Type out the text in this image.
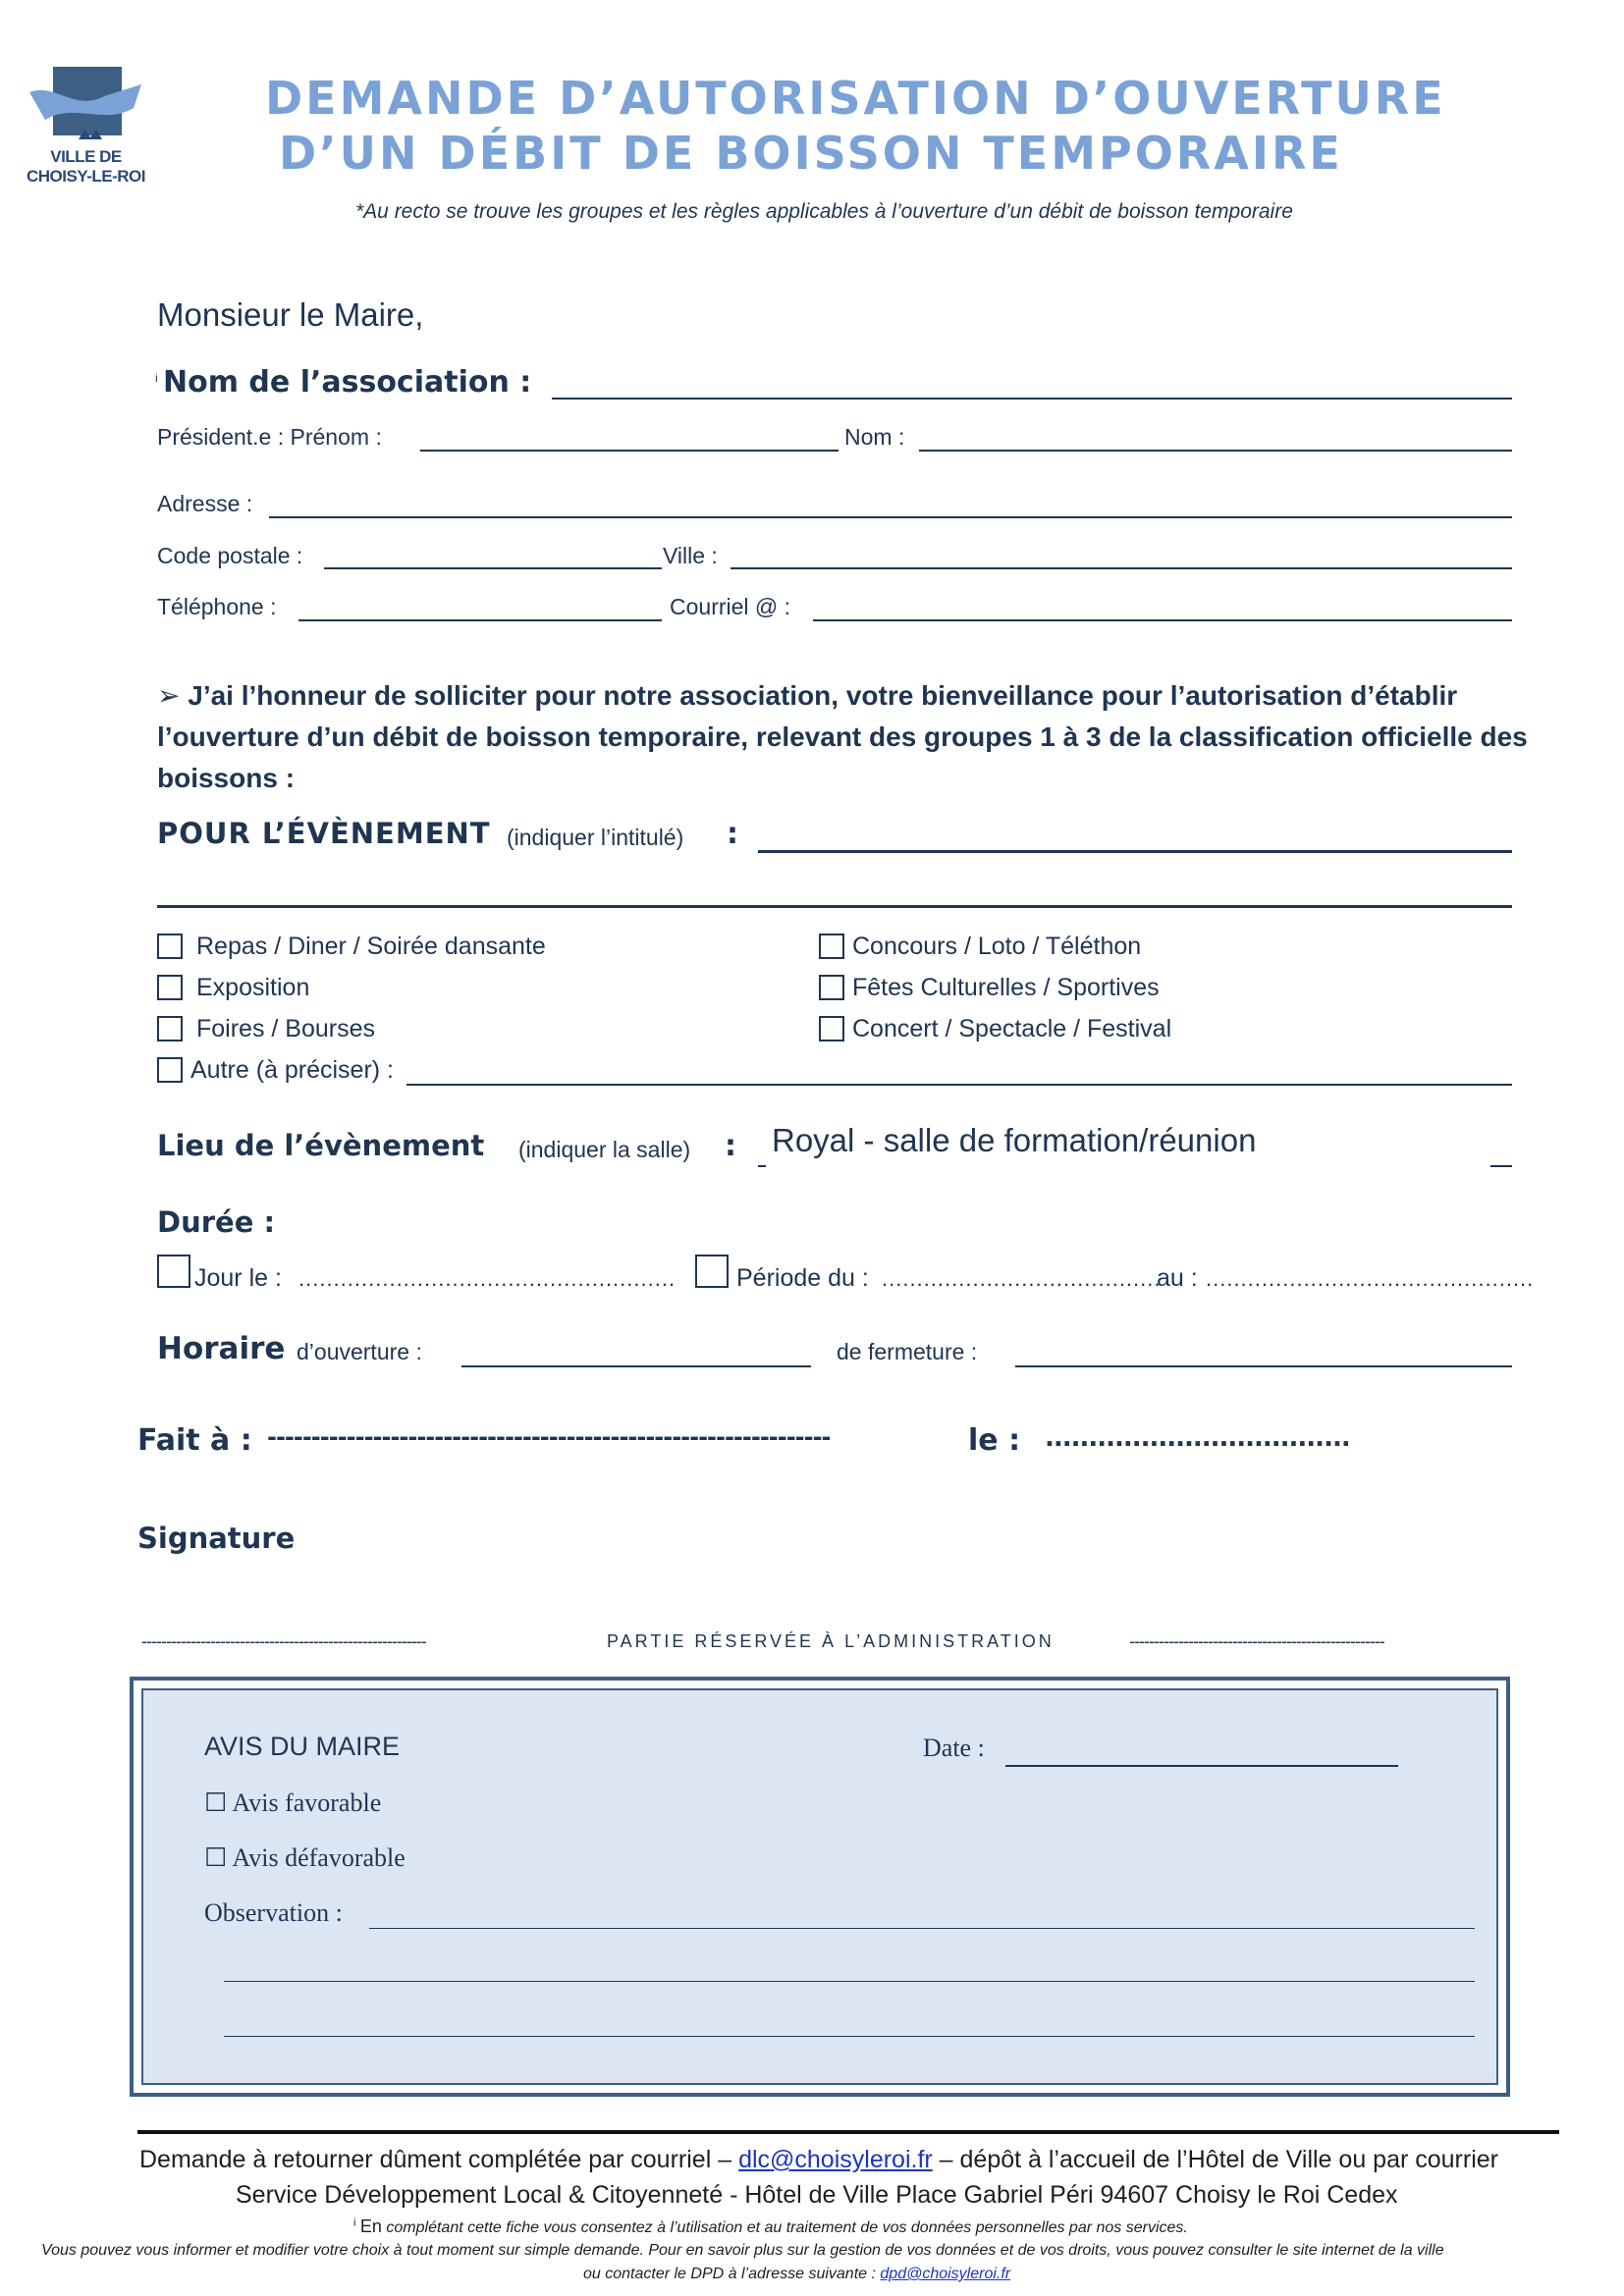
VILLE DE
CHOISY-LE-ROI
DEMANDE D’AUTORISATION D’OUVERTURE
D’UN DÉBIT DE BOISSON TEMPORAIRE
*Au recto se trouve les groupes et les règles applicables à l’ouverture d’un débit de boisson temporaire
Monsieur le Maire,
i Nom de l’association :
Président.e : Prénom :	Nom :
Adresse :
Code postale :	Ville :
Téléphone :	Courriel @ :
➢ J’ai l’honneur de solliciter pour notre association, votre bienveillance pour l’autorisation d’établir l’ouverture d’un débit de boisson temporaire, relevant des groupes 1 à 3 de la classification officielle des boissons :
POUR L’ÉVÈNEMENT (indiquer l’intitulé) :
Repas / Diner / Soirée dansante
Exposition
Foires / Bourses
Concours / Loto / Téléthon
Fêtes Culturelles / Sportives
Concert / Spectacle / Festival
Autre (à préciser) :
Lieu de l’évènement (indiquer la salle) : Royal - salle de formation/réunion
Durée :
Jour le : ...................................................... Période du : ........................................
au : ...............................................
Horaire d’ouverture :	de fermeture :
Fait à : ----------------------------------------------------------------	le : ...................................
Signature
----------------------------------------------------------	PARTIE RÉSERVÉE À L’ADMINISTRATION	----------------------------------------------------
AVIS DU MAIRE	Date :
☐ Avis favorable
☐ Avis défavorable
Observation :
Demande à retourner dûment complétée par courriel – dlc@choisyleroi.fr – dépôt à l’accueil de l’Hôtel de Ville ou par courrier
Service Développement Local & Citoyenneté - Hôtel de Ville Place Gabriel Péri 94607 Choisy le Roi Cedex
$^i$ En complétant cette fiche vous consentez à l’utilisation et au traitement de vos données personnelles par nos services.
Vous pouvez vous informer et modifier votre choix à tout moment sur simple demande. Pour en savoir plus sur la gestion de vos données et de vos droits, vous pouvez consulter le site internet de la ville
ou contacter le DPD à l’adresse suivante : dpd@choisyleroi.fr
